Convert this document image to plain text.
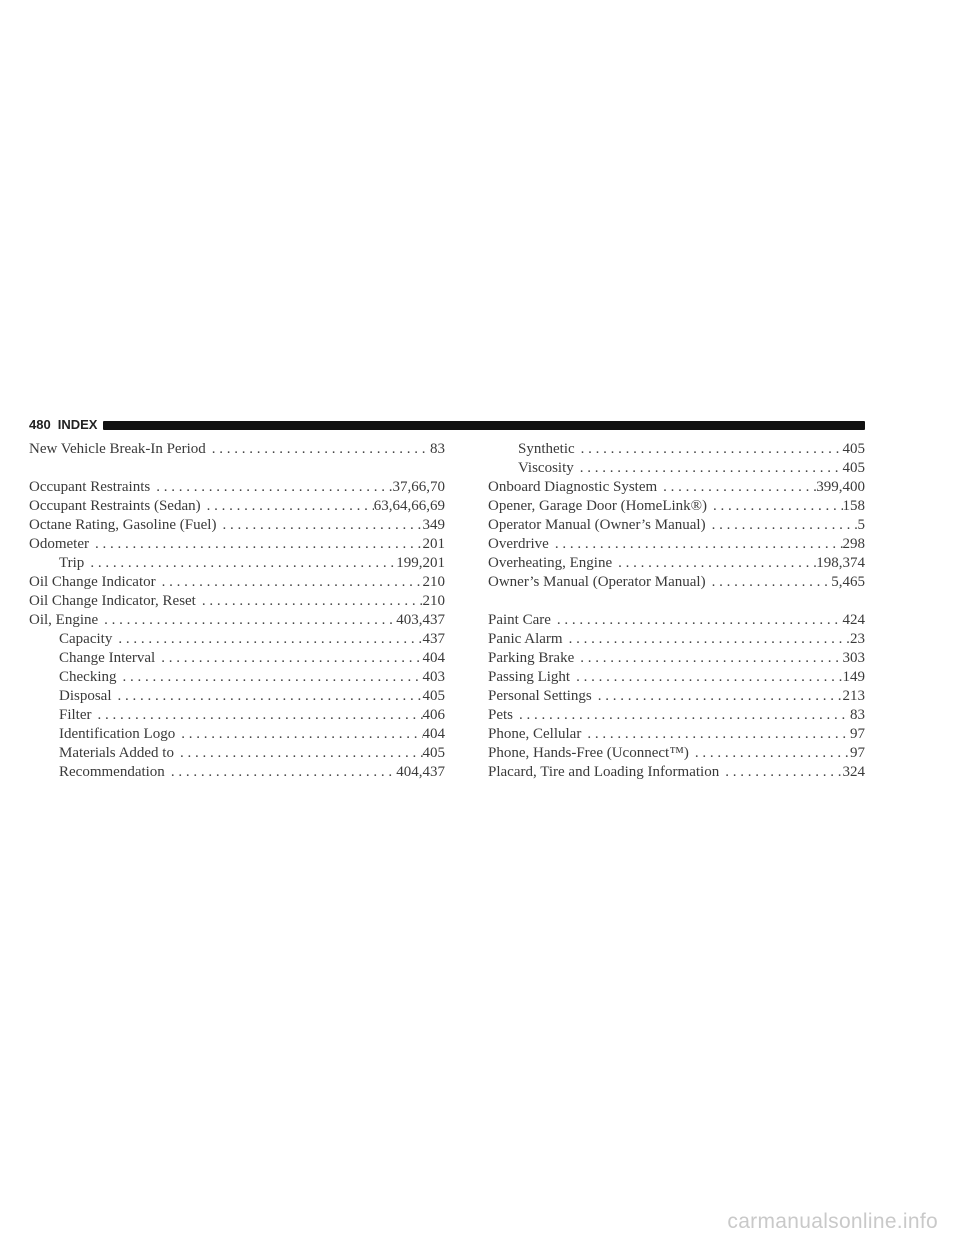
480 INDEX
New Vehicle Break-In Period . . .	83
Occupant Restraints . . .	37,66,70
Occupant Restraints (Sedan) . . .	63,64,66,69
Octane Rating, Gasoline (Fuel) . . .	349
Odometer . . .	201
Trip . . .	199,201
Oil Change Indicator . . .	210
Oil Change Indicator, Reset . . .	210
Oil, Engine . . .	403,437
Capacity . . .	437
Change Interval . . .	404
Checking . . .	403
Disposal . . .	405
Filter . . .	406
Identification Logo . . .	404
Materials Added to . . .	405
Recommendation . . .	404,437
Synthetic . . .	405
Viscosity . . .	405
Onboard Diagnostic System . . .	399,400
Opener, Garage Door (HomeLink®) . . .	158
Operator Manual (Owner’s Manual) . . .	5
Overdrive . . .	298
Overheating, Engine . . .	198,374
Owner’s Manual (Operator Manual) . . .	5,465
Paint Care . . .	424
Panic Alarm . . .	23
Parking Brake . . .	303
Passing Light . . .	149
Personal Settings . . .	213
Pets . . .	83
Phone, Cellular . . .	97
Phone, Hands-Free (Uconnect™) . . .	97
Placard, Tire and Loading Information . . .	324
carmanualsonline.info
